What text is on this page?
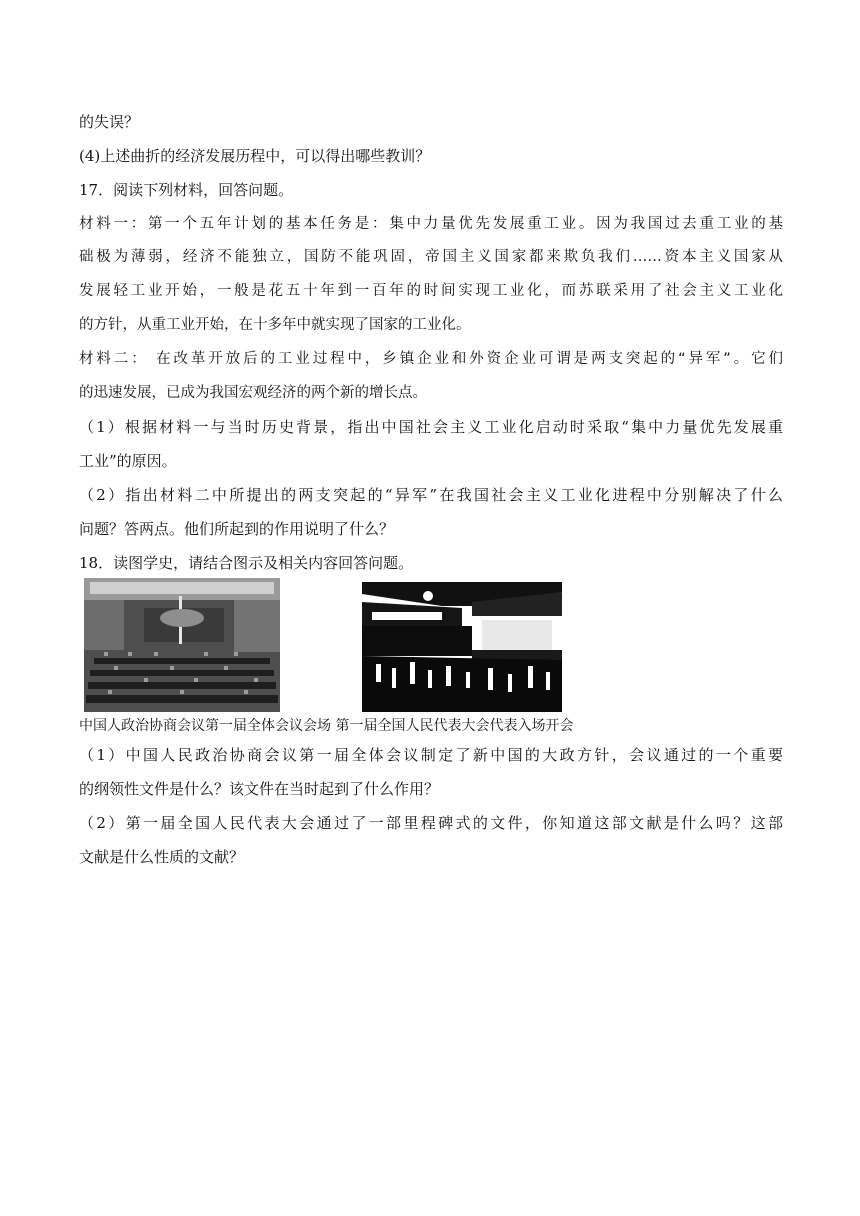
的失误？
(4)上述曲折的经济发展历程中，可以得出哪些教训？
17．阅读下列材料，回答问题。
材料一：第一个五年计划的基本任务是：集中力量优先发展重工业。因为我国过去重工业的基
础极为薄弱，经济不能独立，国防不能巩固，帝国主义国家都来欺负我们……资本主义国家从
发展轻工业开始，一般是花五十年到一百年的时间实现工业化，而苏联采用了社会主义工业化
的方针，从重工业开始，在十多年中就实现了国家的工业化。
材料二： 在改革开放后的工业过程中，乡镇企业和外资企业可谓是两支突起的“异军”。它们
的迅速发展，已成为我国宏观经济的两个新的增长点。
（1）根据材料一与当时历史背景，指出中国社会主义工业化启动时采取“集中力量优先发展重
工业”的原因。
（2）指出材料二中所提出的两支突起的“异军”在我国社会主义工业化进程中分别解决了什么
问题？答两点。他们所起到的作用说明了什么？
18．读图学史，请结合图示及相关内容回答问题。
中国人政治协商会议第一届全体会议会场 第一届全国人民代表大会代表入场开会
（1）中国人民政治协商会议第一届全体会议制定了新中国的大政方针，会议通过的一个重要
的纲领性文件是什么？该文件在当时起到了什么作用？
（2）第一届全国人民代表大会通过了一部里程碑式的文件，你知道这部文献是什么吗？这部
文献是什么性质的文献？
